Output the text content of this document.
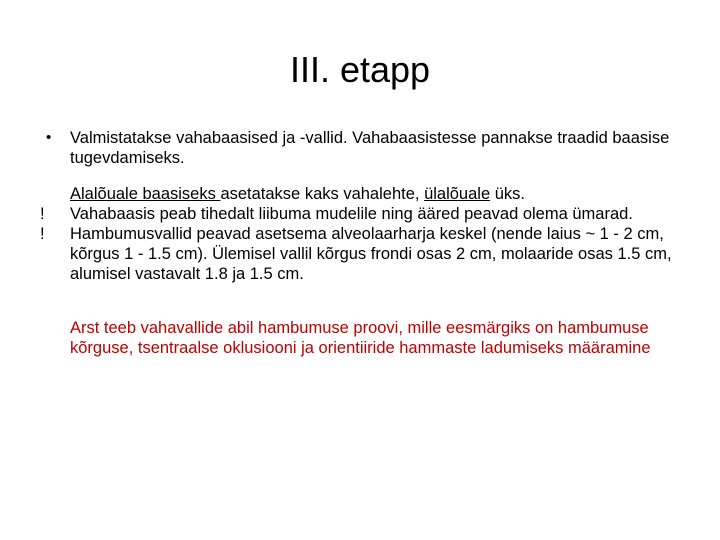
III. etapp

•	Valmistatakse vahabaasised ja -vallid. Vahabaasistesse pannakse traadid baasise tugevdamiseks.

Alalõuale baasiseks asetatakse kaks vahalehte, ülalõuale üks.

!	Vahabaasis peab tihedalt liibuma mudelile ning ääred peavad olema ümarad.

!	Hambumusvallid peavad asetsema alveolaarharja keskel (nende laius ~ 1 - 2 cm, kõrgus 1 - 1.5 cm). Ülemisel vallil kõrgus frondi osas 2 cm, molaaride osas 1.5 cm, alumisel vastavalt 1.8 ja 1.5 cm.

Arst teeb vahavallide abil hambumuse proovi, mille eesmärgiks on hambumuse kõrguse, tsentraalse oklusiooni ja orientiiride hammaste ladumiseks määramine
